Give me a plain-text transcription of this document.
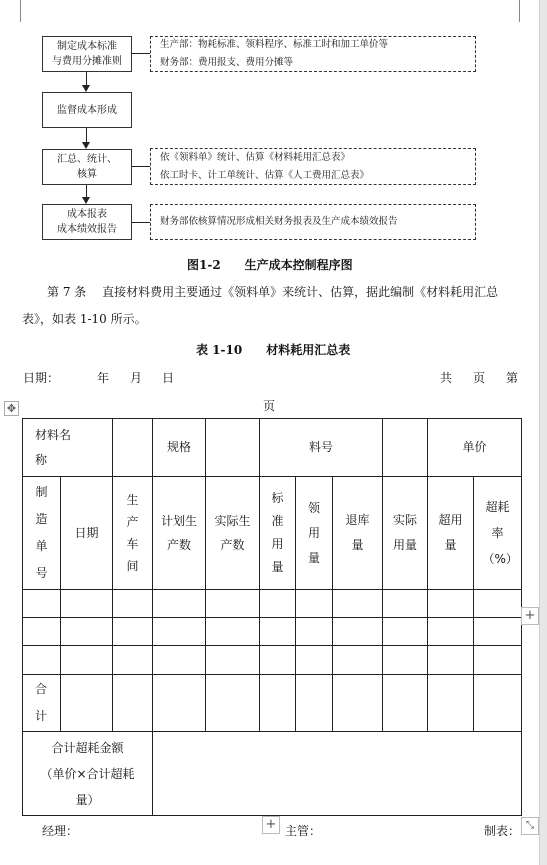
制定成本标准
与费用分摊准则
生产部：物耗标准、领料程序、标准工时和加工单价等
财务部：费用报支、费用分摊等
监督成本形成
汇总、统计、
核算
依《领料单》统计、估算《材料耗用汇总表》
依工时卡、计工单统计、估算《人工费用汇总表》
成本报表
成本绩效报告
财务部依核算情况形成相关财务报表及生产成本绩效报告
图1-2　　生产成本控制程序图
第 7 条　 直接材料费用主要通过《领料单》来统计、估算，据此编制《材料耗用汇总表》，如表 1-10 所示。
表 1-10　　材料耗用汇总表
日期：	年 月 日	共 页 第
页
✥
材料名称			规格		料号				单价	

制造单号	日期	生产车间	计划生产数	实际生产数	标准用量	领用量	退库量	实际用量	超用量	超耗率（%）

合计										

合计超耗金额
（单价×合计超耗量）										

经理：	主管：	制表：
+
+
⤡
